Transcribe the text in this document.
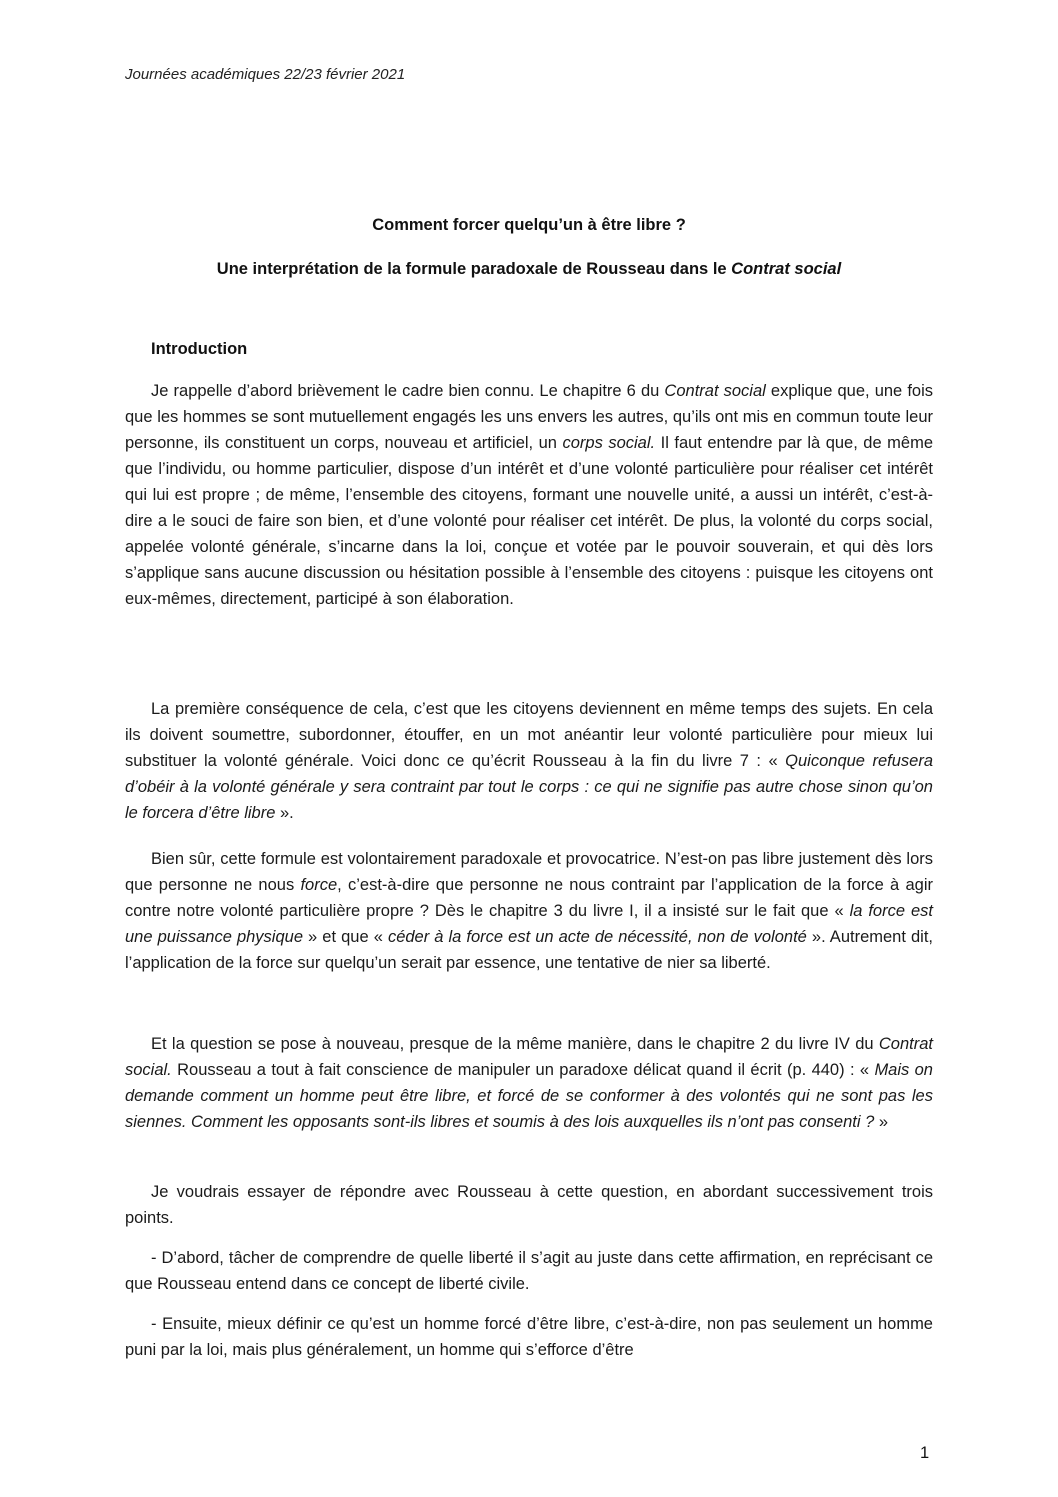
Journées académiques 22/23 février 2021
Comment forcer quelqu’un à être libre ?
Une interprétation de la formule paradoxale de Rousseau dans le Contrat social
Introduction

Je rappelle d’abord brièvement le cadre bien connu. Le chapitre 6 du Contrat social explique que, une fois que les hommes se sont mutuellement engagés les uns envers les autres, qu’ils ont mis en commun toute leur personne, ils constituent un corps, nouveau et artificiel, un corps social. Il faut entendre par là que, de même que l’individu, ou homme particulier, dispose d’un intérêt et d’une volonté particulière pour réaliser cet intérêt qui lui est propre ; de même, l’ensemble des citoyens, formant une nouvelle unité, a aussi un intérêt, c’est-à-dire a le souci de faire son bien, et d’une volonté pour réaliser cet intérêt. De plus, la volonté du corps social, appelée volonté générale, s’incarne dans la loi, conçue et votée par le pouvoir souverain, et qui dès lors s’applique sans aucune discussion ou hésitation possible à l’ensemble des citoyens : puisque les citoyens ont eux-mêmes, directement, participé à son élaboration.

La première conséquence de cela, c’est que les citoyens deviennent en même temps des sujets. En cela ils doivent soumettre, subordonner, étouffer, en un mot anéantir leur volonté particulière pour mieux lui substituer la volonté générale. Voici donc ce qu’écrit Rousseau à la fin du livre 7 : « Quiconque refusera d’obéir à la volonté générale y sera contraint par tout le corps : ce qui ne signifie pas autre chose sinon qu’on le forcera d’être libre ».

Bien sûr, cette formule est volontairement paradoxale et provocatrice. N’est-on pas libre justement dès lors que personne ne nous force, c’est-à-dire que personne ne nous contraint par l’application de la force à agir contre notre volonté particulière propre ? Dès le chapitre 3 du livre I, il a insisté sur le fait que « la force est une puissance physique » et que « céder à la force est un acte de nécessité, non de volonté ». Autrement dit, l’application de la force sur quelqu’un serait par essence, une tentative de nier sa liberté.

Et la question se pose à nouveau, presque de la même manière, dans le chapitre 2 du livre IV du Contrat social. Rousseau a tout à fait conscience de manipuler un paradoxe délicat quand il écrit (p. 440) : « Mais on demande comment un homme peut être libre, et forcé de se conformer à des volontés qui ne sont pas les siennes. Comment les opposants sont-ils libres et soumis à des lois auxquelles ils n’ont pas consenti ? »

Je voudrais essayer de répondre avec Rousseau à cette question, en abordant successivement trois points.

- D’abord, tâcher de comprendre de quelle liberté il s’agit au juste dans cette affirmation, en reprécisant ce que Rousseau entend dans ce concept de liberté civile.

- Ensuite, mieux définir ce qu’est un homme forcé d’être libre, c’est-à-dire, non pas seulement un homme puni par la loi, mais plus généralement, un homme qui s’efforce d’être

1
